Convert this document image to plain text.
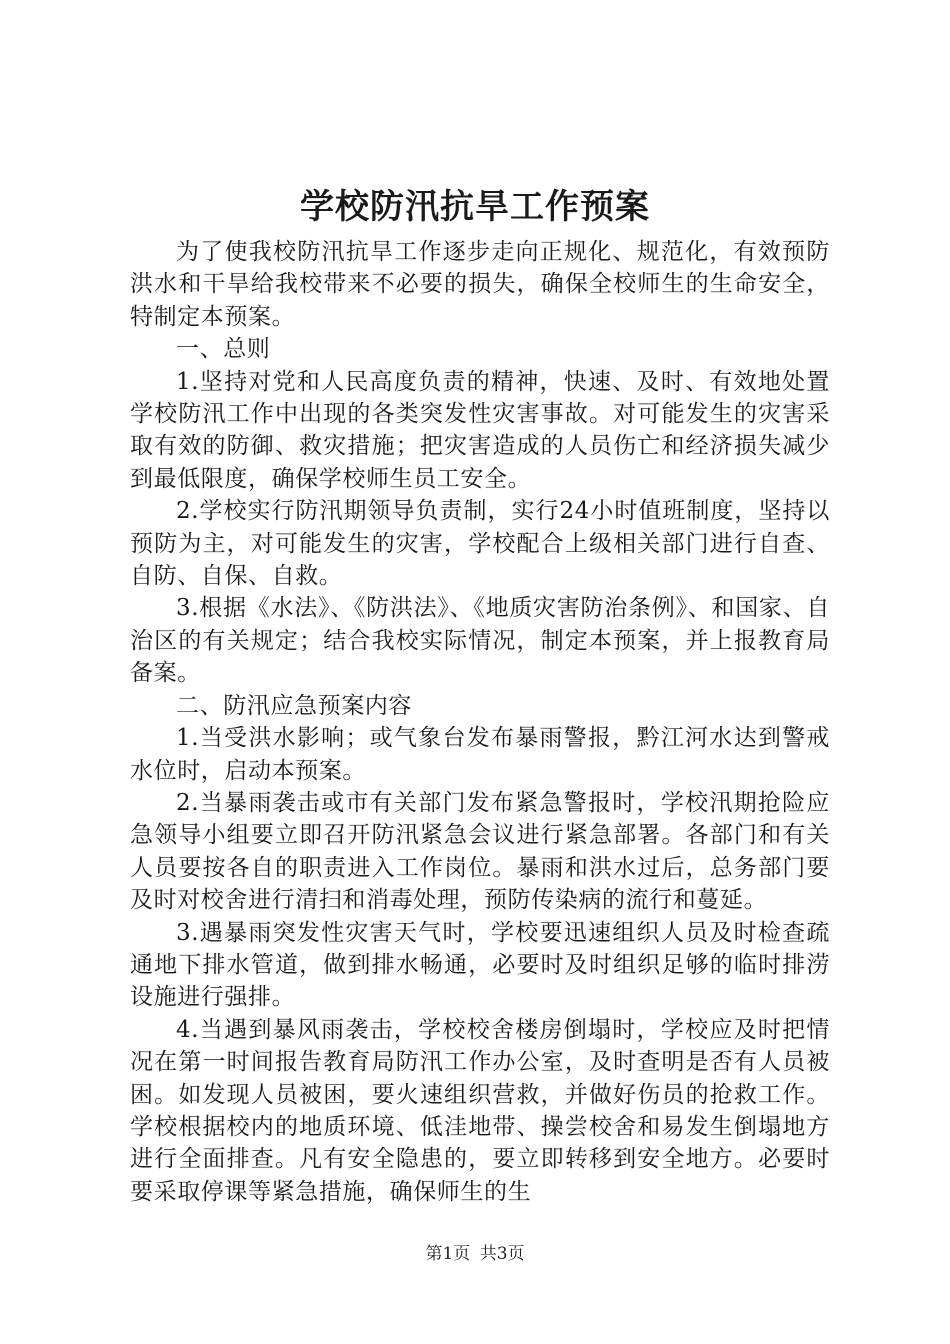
学校防汛抗旱工作预案

为了使我校防汛抗旱工作逐步走向正规化、规范化，有效预防洪水和干旱给我校带来不必要的损失，确保全校师生的生命安全，特制定本预案。

一、总则

1.坚持对党和人民高度负责的精神，快速、及时、有效地处置学校防汛工作中出现的各类突发性灾害事故。对可能发生的灾害采取有效的防御、救灾措施；把灾害造成的人员伤亡和经济损失减少到最低限度，确保学校师生员工安全。

2.学校实行防汛期领导负责制，实行24小时值班制度，坚持以预防为主，对可能发生的灾害，学校配合上级相关部门进行自查、自防、自保、自救。

3.根据《水法》、《防洪法》、《地质灾害防治条例》、和国家、自治区的有关规定；结合我校实际情况，制定本预案，并上报教育局备案。

二、防汛应急预案内容

1.当受洪水影响；或气象台发布暴雨警报，黔江河水达到警戒水位时，启动本预案。

2.当暴雨袭击或市有关部门发布紧急警报时，学校汛期抢险应急领导小组要立即召开防汛紧急会议进行紧急部署。各部门和有关人员要按各自的职责进入工作岗位。暴雨和洪水过后，总务部门要及时对校舍进行清扫和消毒处理，预防传染病的流行和蔓延。

3.遇暴雨突发性灾害天气时，学校要迅速组织人员及时检查疏通地下排水管道，做到排水畅通，必要时及时组织足够的临时排涝设施进行强排。

4.当遇到暴风雨袭击，学校校舍楼房倒塌时，学校应及时把情况在第一时间报告教育局防汛工作办公室，及时查明是否有人员被困。如发现人员被困，要火速组织营救，并做好伤员的抢救工作。学校根据校内的地质环境、低洼地带、操尝校舍和易发生倒塌地方进行全面排查。凡有安全隐患的，要立即转移到安全地方。必要时要采取停课等紧急措施，确保师生的生

第1页 共3页
